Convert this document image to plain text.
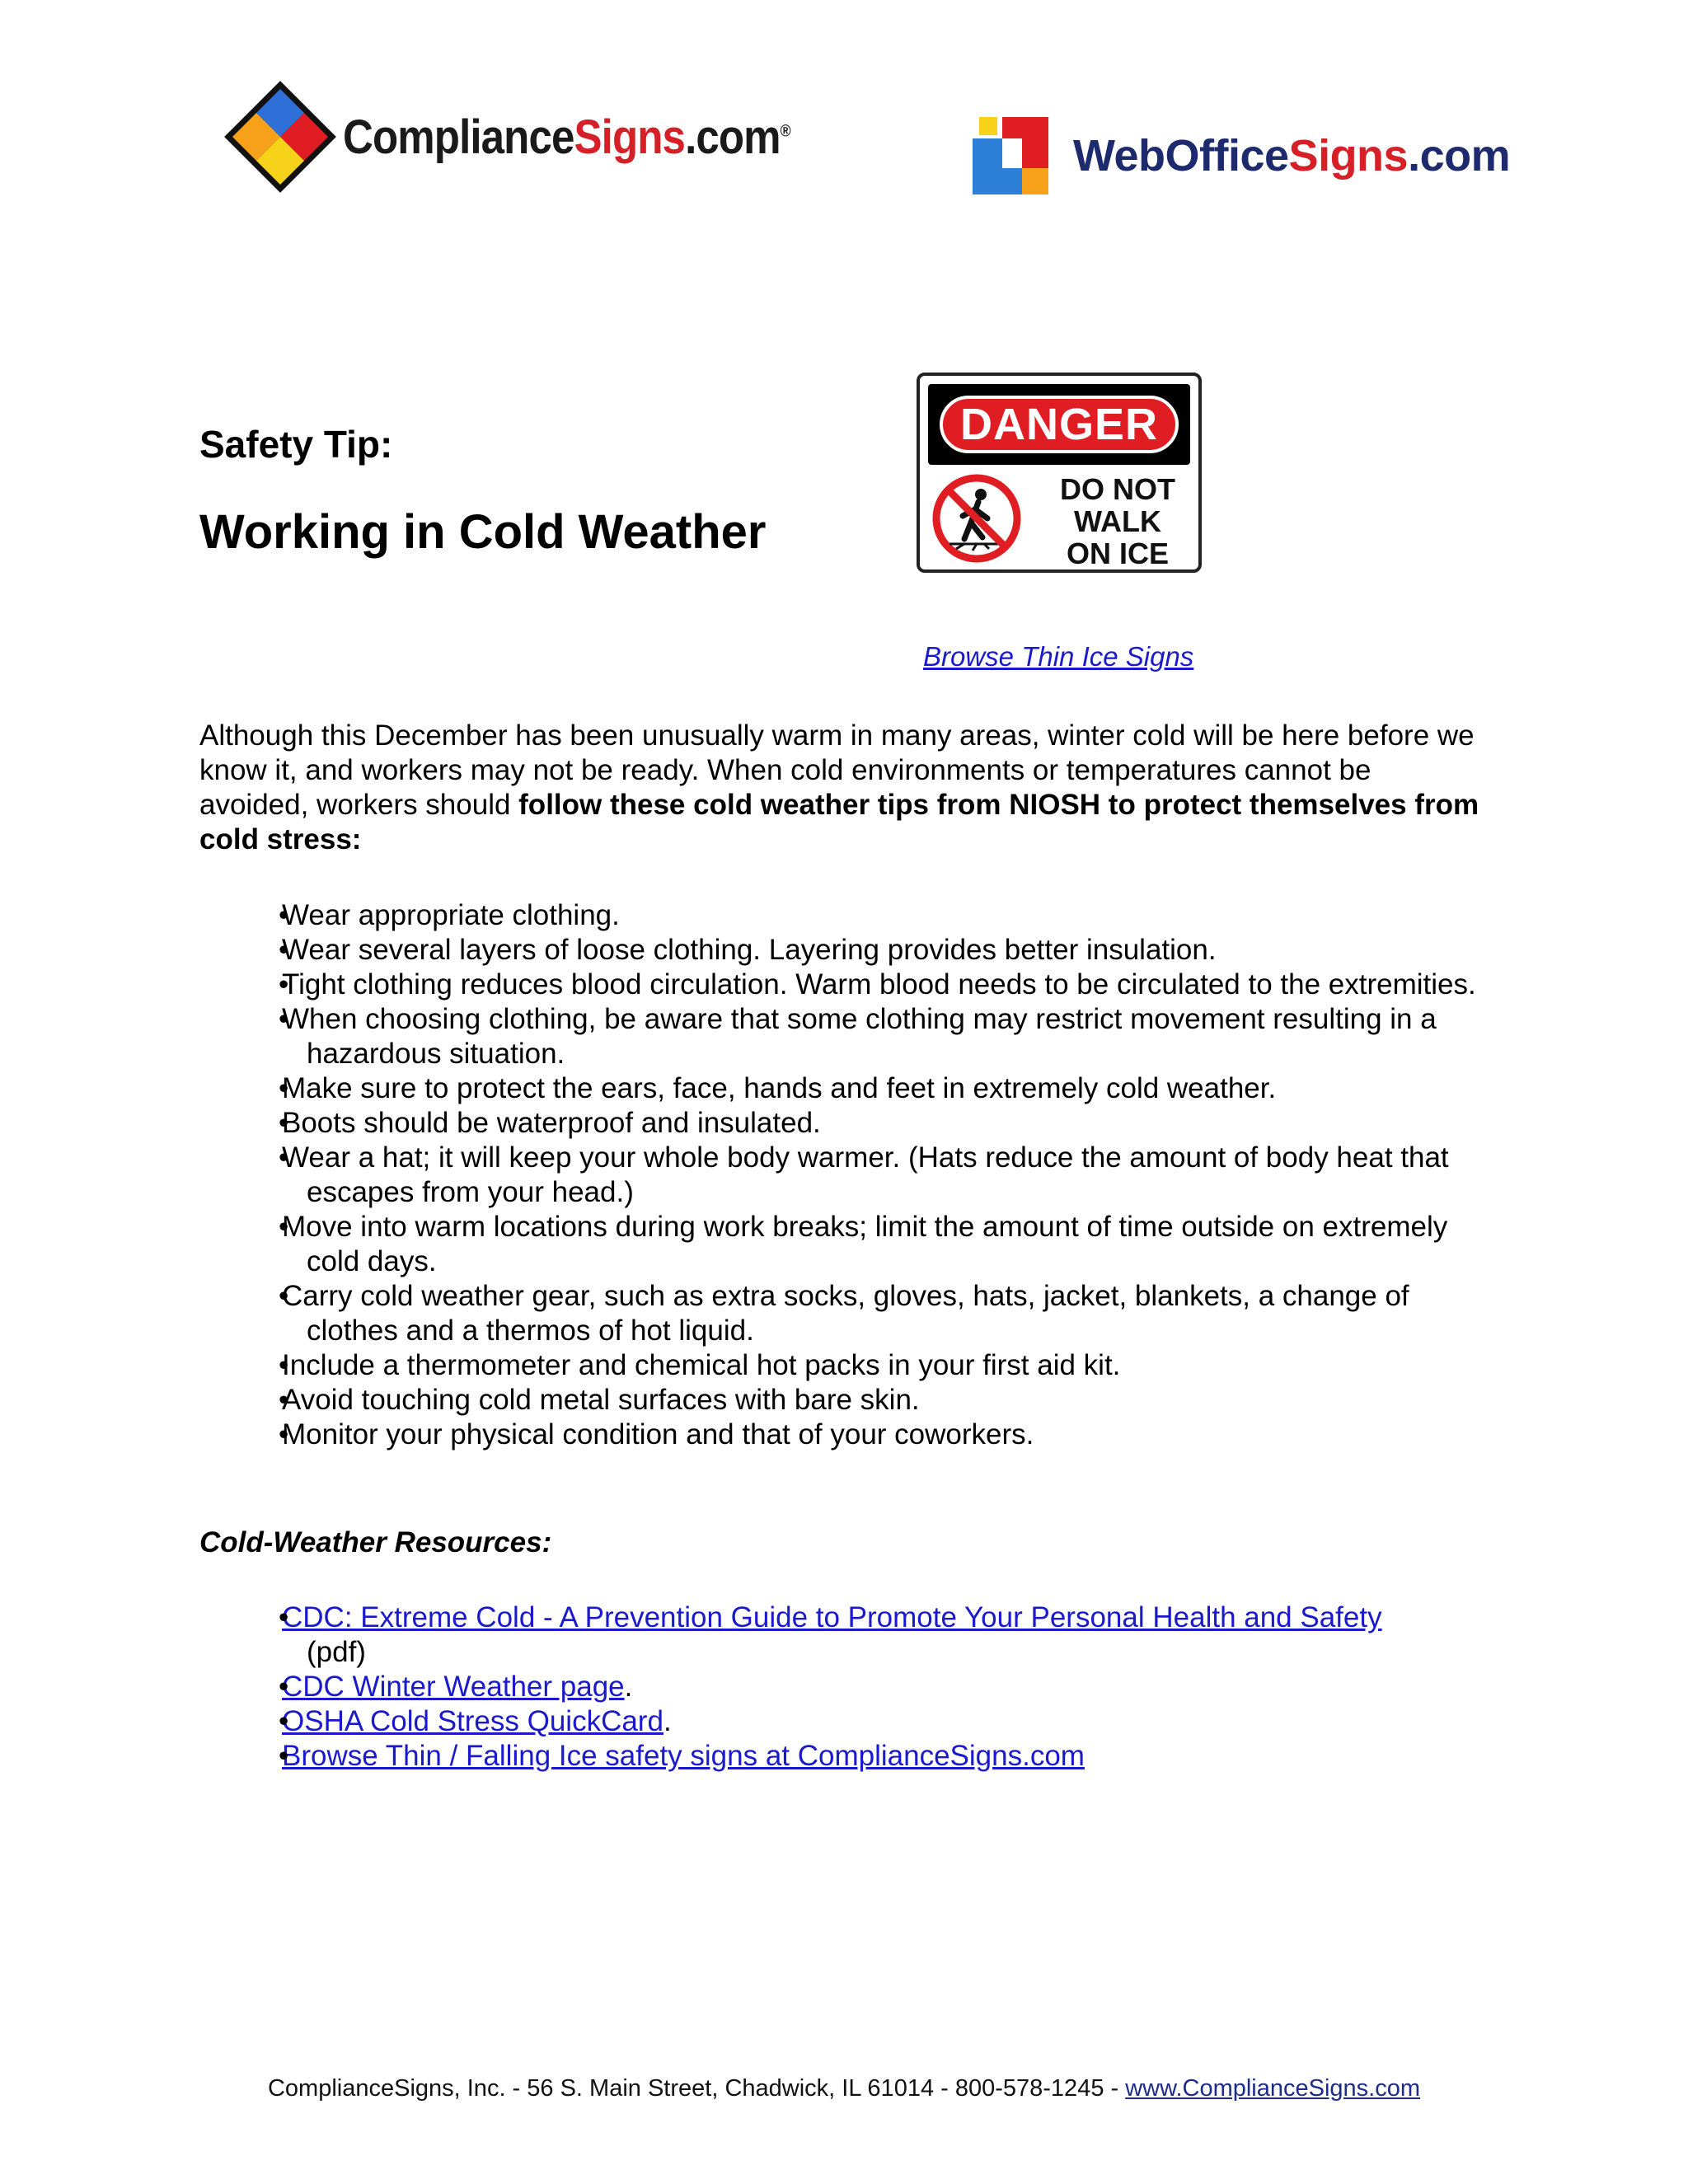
ComplianceSigns.com®	WebOfficeSigns.com
Safety Tip:
Working in Cold Weather
DANGER
DO NOT
WALK
ON ICE
Browse Thin Ice Signs

Although this December has been unusually warm in many areas, winter cold will be here before we know it, and workers may not be ready. When cold environments or temperatures cannot be avoided, workers should follow these cold weather tips from NIOSH to protect themselves from cold stress:

• Wear appropriate clothing.
• Wear several layers of loose clothing. Layering provides better insulation.
• Tight clothing reduces blood circulation. Warm blood needs to be circulated to the extremities.
• When choosing clothing, be aware that some clothing may restrict movement resulting in a hazardous situation.
• Make sure to protect the ears, face, hands and feet in extremely cold weather.
• Boots should be waterproof and insulated.
• Wear a hat; it will keep your whole body warmer. (Hats reduce the amount of body heat that escapes from your head.)
• Move into warm locations during work breaks; limit the amount of time outside on extremely cold days.
• Carry cold weather gear, such as extra socks, gloves, hats, jacket, blankets, a change of clothes and a thermos of hot liquid.
• Include a thermometer and chemical hot packs in your first aid kit.
• Avoid touching cold metal surfaces with bare skin.
• Monitor your physical condition and that of your coworkers.
Cold-Weather Resources:
• CDC: Extreme Cold - A Prevention Guide to Promote Your Personal Health and Safety
(pdf)
• CDC Winter Weather page.
• OSHA Cold Stress QuickCard.
• Browse Thin / Falling Ice safety signs at ComplianceSigns.com
ComplianceSigns, Inc. - 56 S. Main Street, Chadwick, IL 61014 - 800-578-1245 - www.ComplianceSigns.com
